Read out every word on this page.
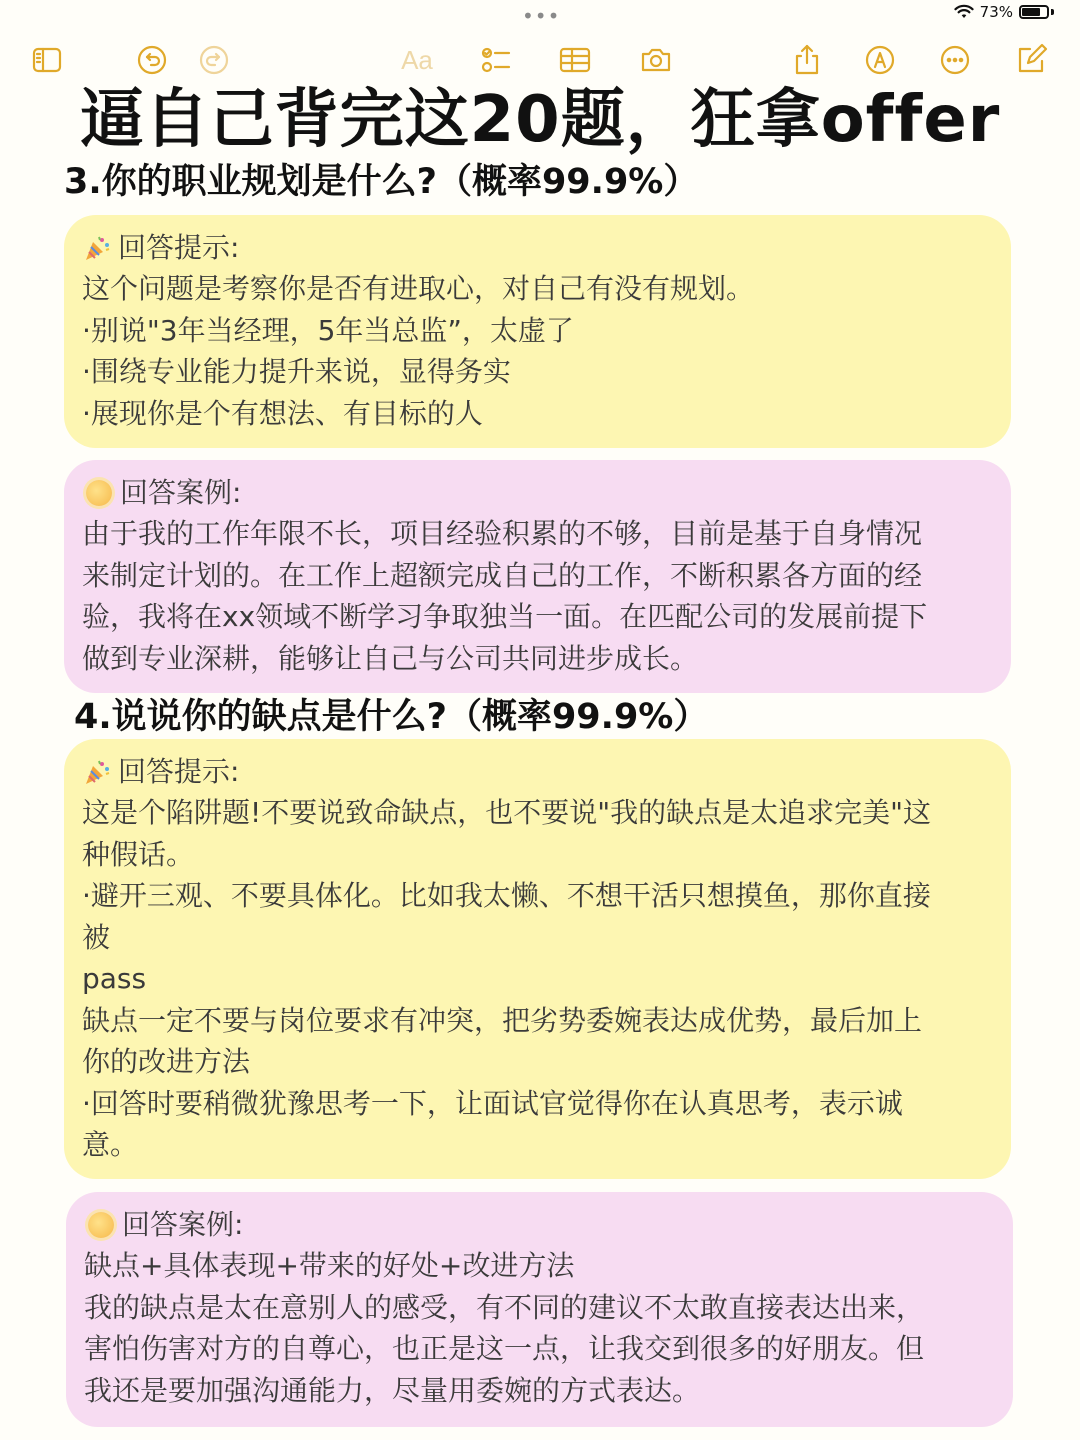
•••	73%
Aa
逼自己背完这20题，狂拿offer
3.你的职业规划是什么?（概率99.9%）
回答提示:
这个问题是考察你是否有进取心，对自己有没有规划。
·别说"3年当经理，5年当总监”，太虚了
·围绕专业能力提升来说，显得务实
·展现你是个有想法、有目标的人
回答案例:
由于我的工作年限不长，项目经验积累的不够，目前是基于自身情况
来制定计划的。在工作上超额完成自己的工作，不断积累各方面的经
验，我将在xx领域不断学习争取独当一面。在匹配公司的发展前提下
做到专业深耕，能够让自己与公司共同进步成长。
4.说说你的缺点是什么?（概率99.9%）
回答提示:
这是个陷阱题!不要说致命缺点，也不要说"我的缺点是太追求完美"这
种假话。
·避开三观、不要具体化。比如我太懒、不想干活只想摸鱼，那你直接
被
pass
缺点一定不要与岗位要求有冲突，把劣势委婉表达成优势，最后加上
你的改进方法
·回答时要稍微犹豫思考一下，让面试官觉得你在认真思考，表示诚
意。
回答案例:
缺点+具体表现+带来的好处+改进方法
我的缺点是太在意别人的感受，有不同的建议不太敢直接表达出来，
害怕伤害对方的自尊心，也正是这一点，让我交到很多的好朋友。但
我还是要加强沟通能力，尽量用委婉的方式表达。
